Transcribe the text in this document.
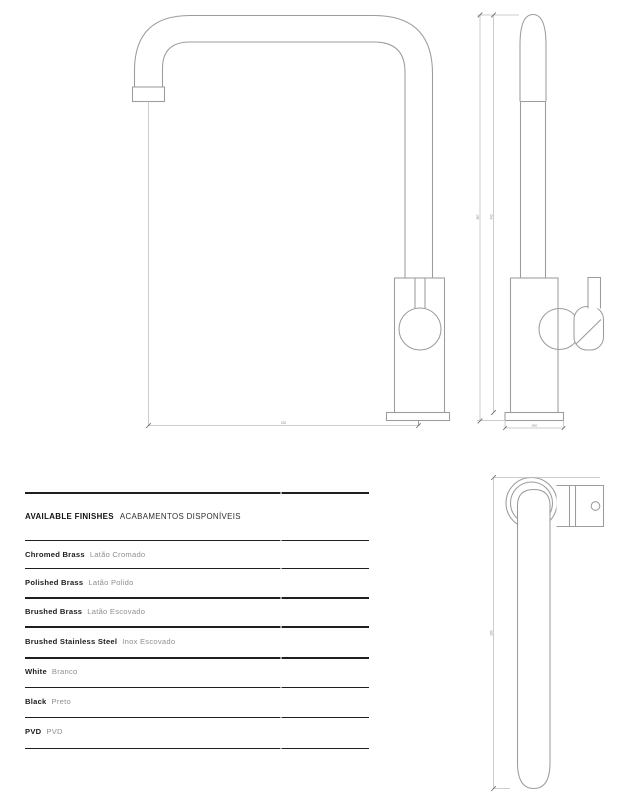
232
367	342
Ø50
280
AVAILABLE FINISHES ACABAMENTOS DISPONÍVEIS
Chromed Brass Latão Cromado
Polished Brass Latão Polido
Brushed Brass Latão Escovado
Brushed Stainless Steel Inox Escovado
White Branco
Black Preto
PVD PVD
